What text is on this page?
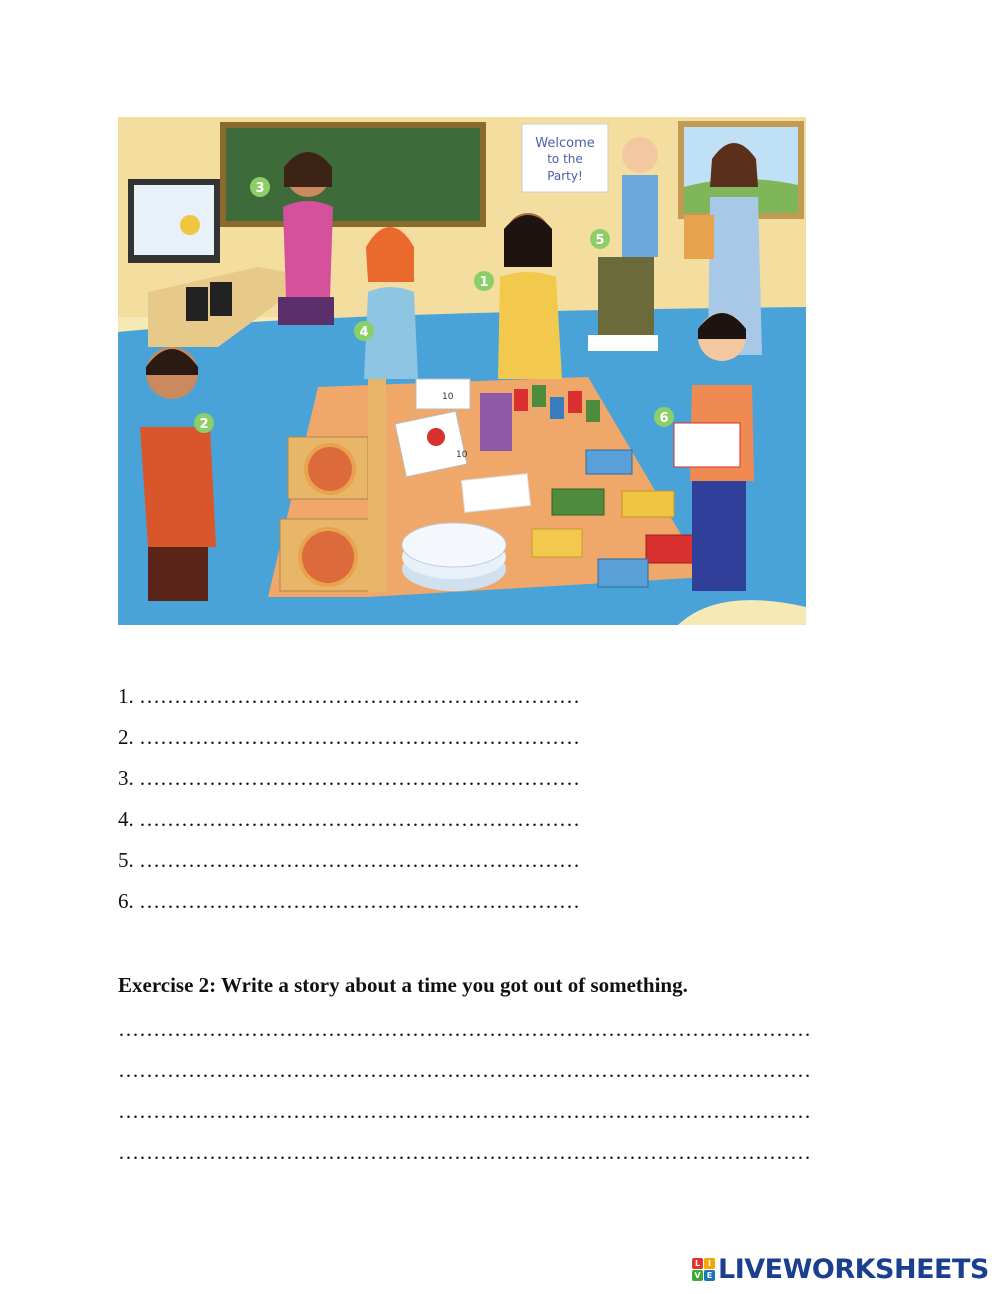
Welcome
to the
Party!
10
10
1
2
3
4
5
6
1. ………………………………………………………
2. ………………………………………………………
3. ………………………………………………………
4. ………………………………………………………
5. ………………………………………………………
6. ………………………………………………………
Exercise 2: Write a story about a time you got out of something.
………………………………………………………………………………………
………………………………………………………………………………………
………………………………………………………………………………………
………………………………………………………………………………………
L I
V E LIVEWORKSHEETS
